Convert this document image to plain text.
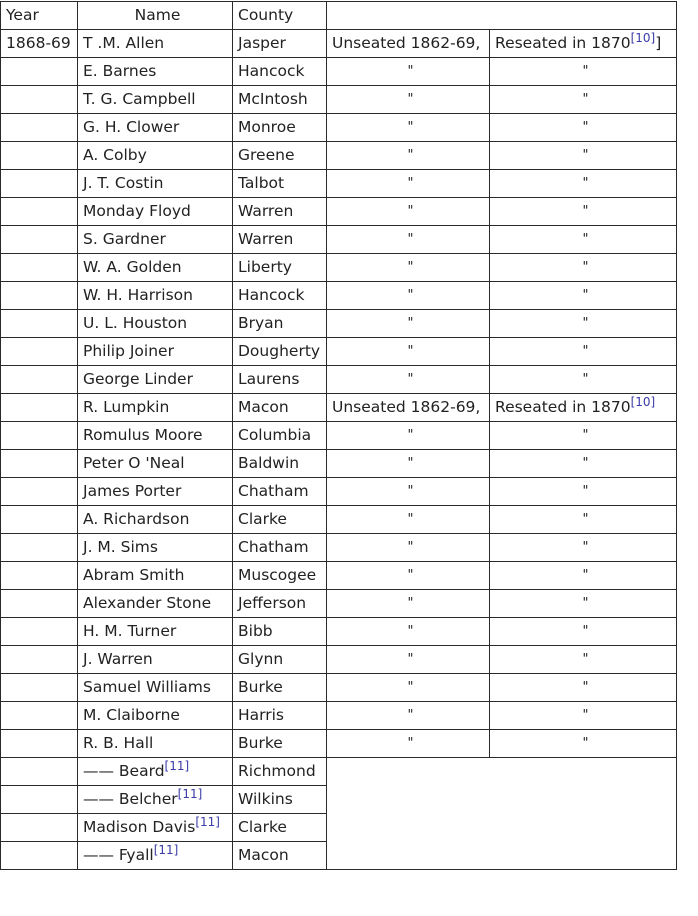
Year	Name	County		
1868-69	T .M. Allen	Jasper	Unseated 1862-69,	Reseated in 1870[10]]
	E. Barnes	Hancock	"	"
	T. G. Campbell	McIntosh	"	"
	G. H. Clower	Monroe	"	"
	A. Colby	Greene	"	"
	J. T. Costin	Talbot	"	"
	Monday Floyd	Warren	"	"
	S. Gardner	Warren	"	"
	W. A. Golden	Liberty	"	"
	W. H. Harrison	Hancock	"	"
	U. L. Houston	Bryan	"	"
	Philip Joiner	Dougherty	"	"
	George Linder	Laurens	"	"
	R. Lumpkin	Macon	Unseated 1862-69,	Reseated in 1870[10]
	Romulus Moore	Columbia	"	"
	Peter O 'Neal	Baldwin	"	"
	James Porter	Chatham	"	"
	A. Richardson	Clarke	"	"
	J. M. Sims	Chatham	"	"
	Abram Smith	Muscogee	"	"
	Alexander Stone	Jefferson	"	"
	H. M. Turner	Bibb	"	"
	J. Warren	Glynn	"	"
	Samuel Williams	Burke	"	"
	M. Claiborne	Harris	"	"
	R. B. Hall	Burke	"	"
	—— Beard[11]	Richmond		
	—— Belcher[11]	Wilkins		
	Madison Davis[11]	Clarke		
	—— Fyall[11]	Macon		
